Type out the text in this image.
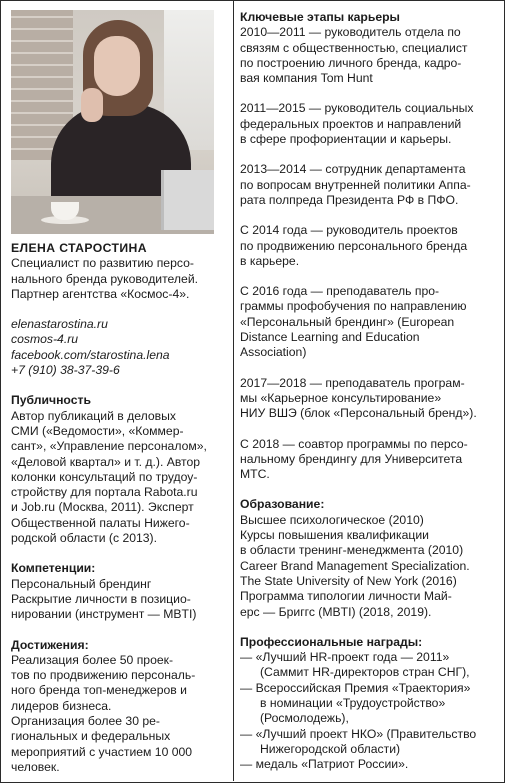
ЕЛЕНА СТАРОСТИНА

Специалист по развитию персо-

нального бренда руководителей.

Партнер агентства «Космос-4».

elenastarostina.ru

cosmos-4.ru

facebook.com/starostina.lena

+7 (910) 38-37-39-6

Публичность

Автор публикаций в деловых

СМИ («Ведомости», «Коммер-

сант», «Управление персоналом»,

«Деловой квартал» и т. д.). Автор

колонки консультаций по трудоу-

стройству для портала Rabota.ru

и Job.ru (Москва, 2011). Эксперт

Общественной палаты Нижего-

родской области (с 2013).

Компетенции:

Персональный брендинг

Раскрытие личности в позицио-

нировании (инструмент — MBTI)

Достижения:

Реализация более 50 проек-

тов по продвижению персональ-

ного бренда топ-менеджеров и

лидеров бизнеса.

Организация более 30 ре-

гиональных и федеральных

мероприятий с участием 10 000

человек.

Ключевые этапы карьеры

2010—2011 — руководитель отдела по

связям с общественностью, специалист

по построению личного бренда, кадро-

вая компания Tom Hunt

2011—2015 — руководитель социальных

федеральных проектов и направлений

в сфере профориентации и карьеры.

2013—2014 — сотрудник департамента

по вопросам внутренней политики Аппа-

рата полпреда Президента РФ в ПФО.

С 2014 года — руководитель проектов

по продвижению персонального бренда

в карьере.

С 2016 года — преподаватель про-

граммы профобучения по направлению

«Персональный брендинг» (European

Distance Learning and Education

Association)

2017—2018 — преподаватель програм-

мы «Карьерное консультирование»

НИУ ВШЭ (блок «Персональный бренд»).

С 2018 — соавтор программы по персо-

нальному брендингу для Университета

МТС.

Образование:

Высшее психологическое (2010)

Курсы повышения квалификации

в области тренинг-менеджмента (2010)

Career Brand Management Specialization.

The State University of New York (2016)

Программа типологии личности Май-

ерс — Бриггс (MBTI) (2018, 2019).

Профессиональные награды:

— «Лучший HR-проект года — 2011»

(Саммит HR-директоров стран СНГ),

— Всероссийская Премия «Траектория»

в номинации «Трудоустройство»

(Росмолодежь),

— «Лучший проект НКО» (Правительство

Нижегородской области)

— медаль «Патриот России».
